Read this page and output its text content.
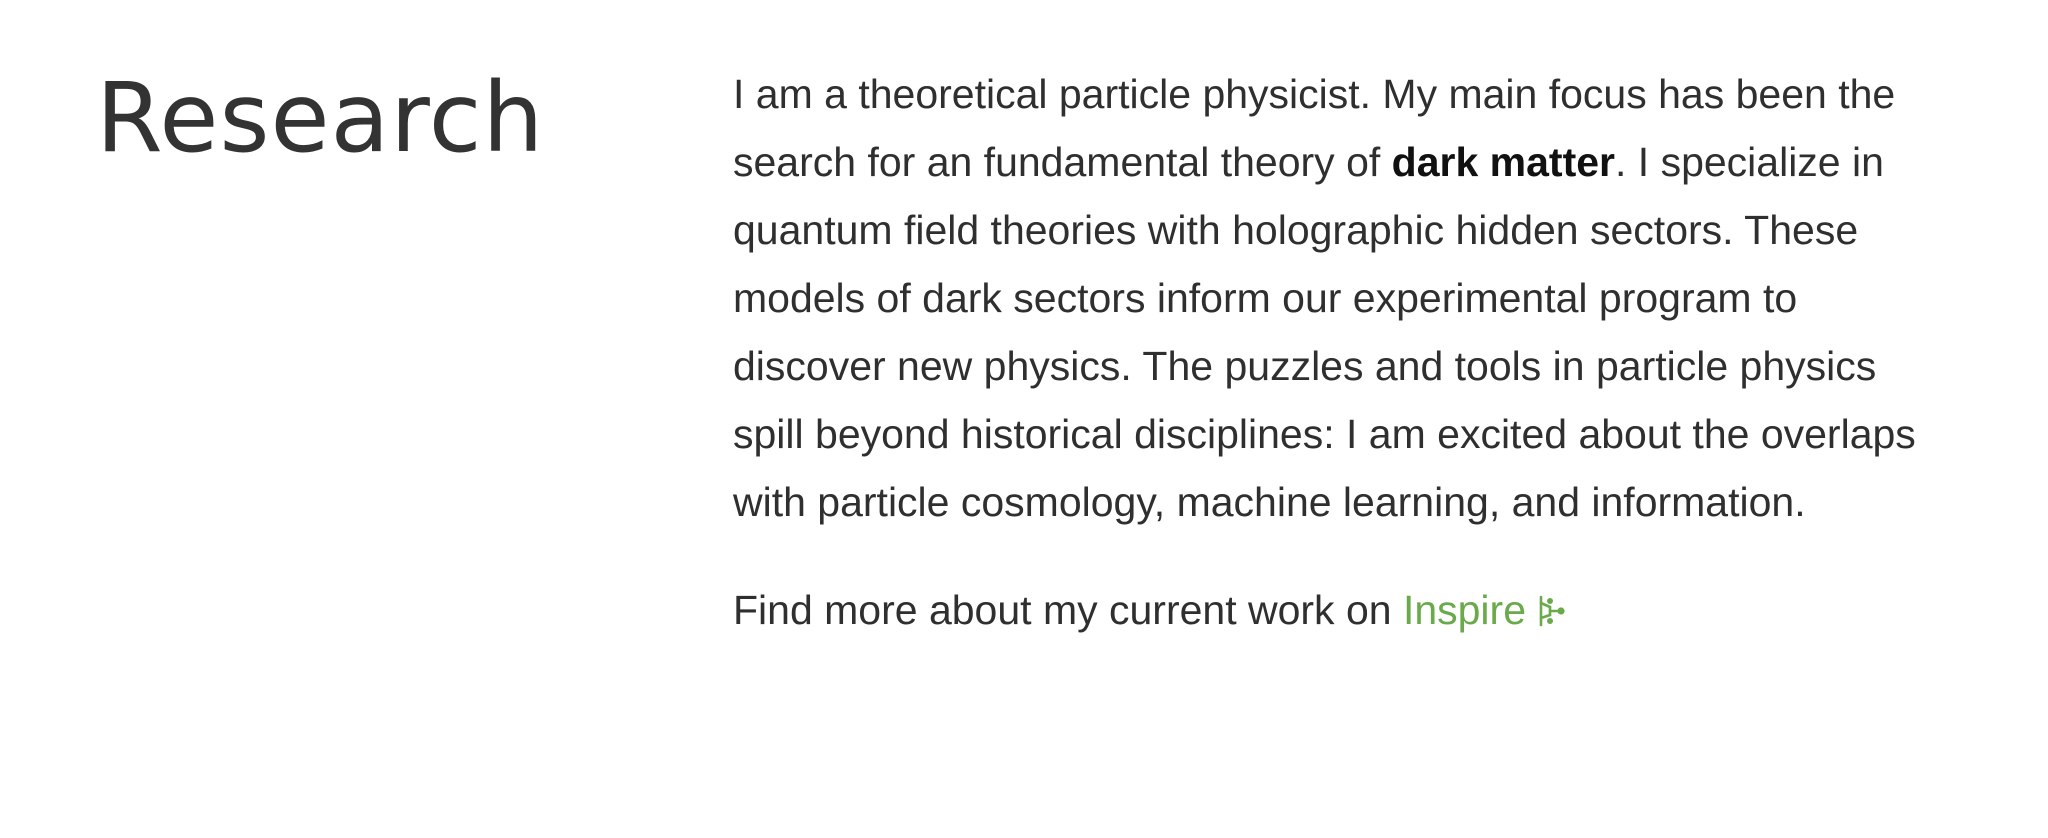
Research	I am a theoretical particle physicist. My main focus has been the search for an fundamental theory of dark matter. I specialize in quantum field theories with holographic hidden sectors. These models of dark sectors inform our experimental program to discover new physics. The puzzles and tools in particle physics spill beyond historical disciplines: I am excited about the overlaps with particle cosmology, machine learning, and information.

Find more about my current work on Inspire
